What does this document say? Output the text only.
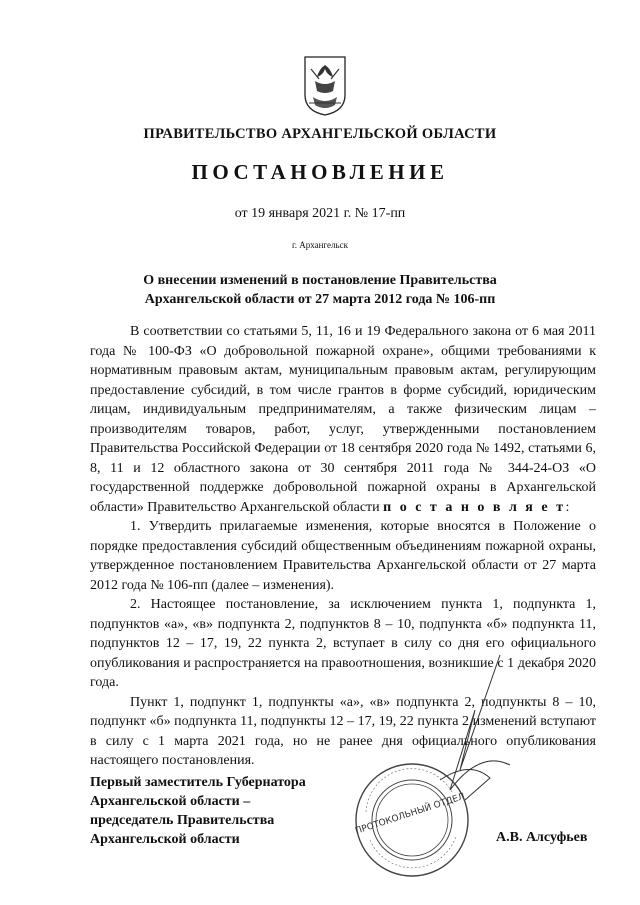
ПРАВИТЕЛЬСТВО АРХАНГЕЛЬСКОЙ ОБЛАСТИ
ПОСТАНОВЛЕНИЕ
от 19 января 2021 г. № 17-пп
г. Архангельск
О внесении изменений в постановление Правительства
Архангельской области от 27 марта 2012 года № 106-пп

В соответствии со статьями 5, 11, 16 и 19 Федерального закона от 6 мая 2011 года № 100-ФЗ «О добровольной пожарной охране», общими требованиями к нормативным правовым актам, муниципальным правовым актам, регулирующим предоставление субсидий, в том числе грантов в форме субсидий, юридическим лицам, индивидуальным предпринимателям, а также физическим лицам – производителям товаров, работ, услуг, утвержденными постановлением Правительства Российской Федерации от 18 сентября 2020 года № 1492, статьями 6, 8, 11 и 12 областного закона от 30 сентября 2011 года № 344-24-ОЗ «О государственной поддержке добровольной пожарной охраны в Архангельской области» Правительство Архангельской области п о с т а н о в л я е т:

1. Утвердить прилагаемые изменения, которые вносятся в Положение о порядке предоставления субсидий общественным объединениям пожарной охраны, утвержденное постановлением Правительства Архангельской области от 27 марта 2012 года № 106-пп (далее – изменения).

2. Настоящее постановление, за исключением пункта 1, подпункта 1, подпунктов «а», «в» подпункта 2, подпунктов 8 – 10, подпункта «б» подпункта 11, подпунктов 12 – 17, 19, 22 пункта 2, вступает в силу со дня его официального опубликования и распространяется на правоотношения, возникшие с 1 декабря 2020 года.

Пункт 1, подпункт 1, подпункты «а», «в» подпункта 2, подпункты 8 – 10, подпункт «б» подпункта 11, подпункты 12 – 17, 19, 22 пункта 2 изменений вступают в силу с 1 марта 2021 года, но не ранее дня официального опубликования настоящего постановления.

ПРОТОКОЛЬНЫЙ ОТДЕЛ
Первый заместитель Губернатора
Архангельской области –
председатель Правительства
Архангельской области	А.В. Алсуфьев
